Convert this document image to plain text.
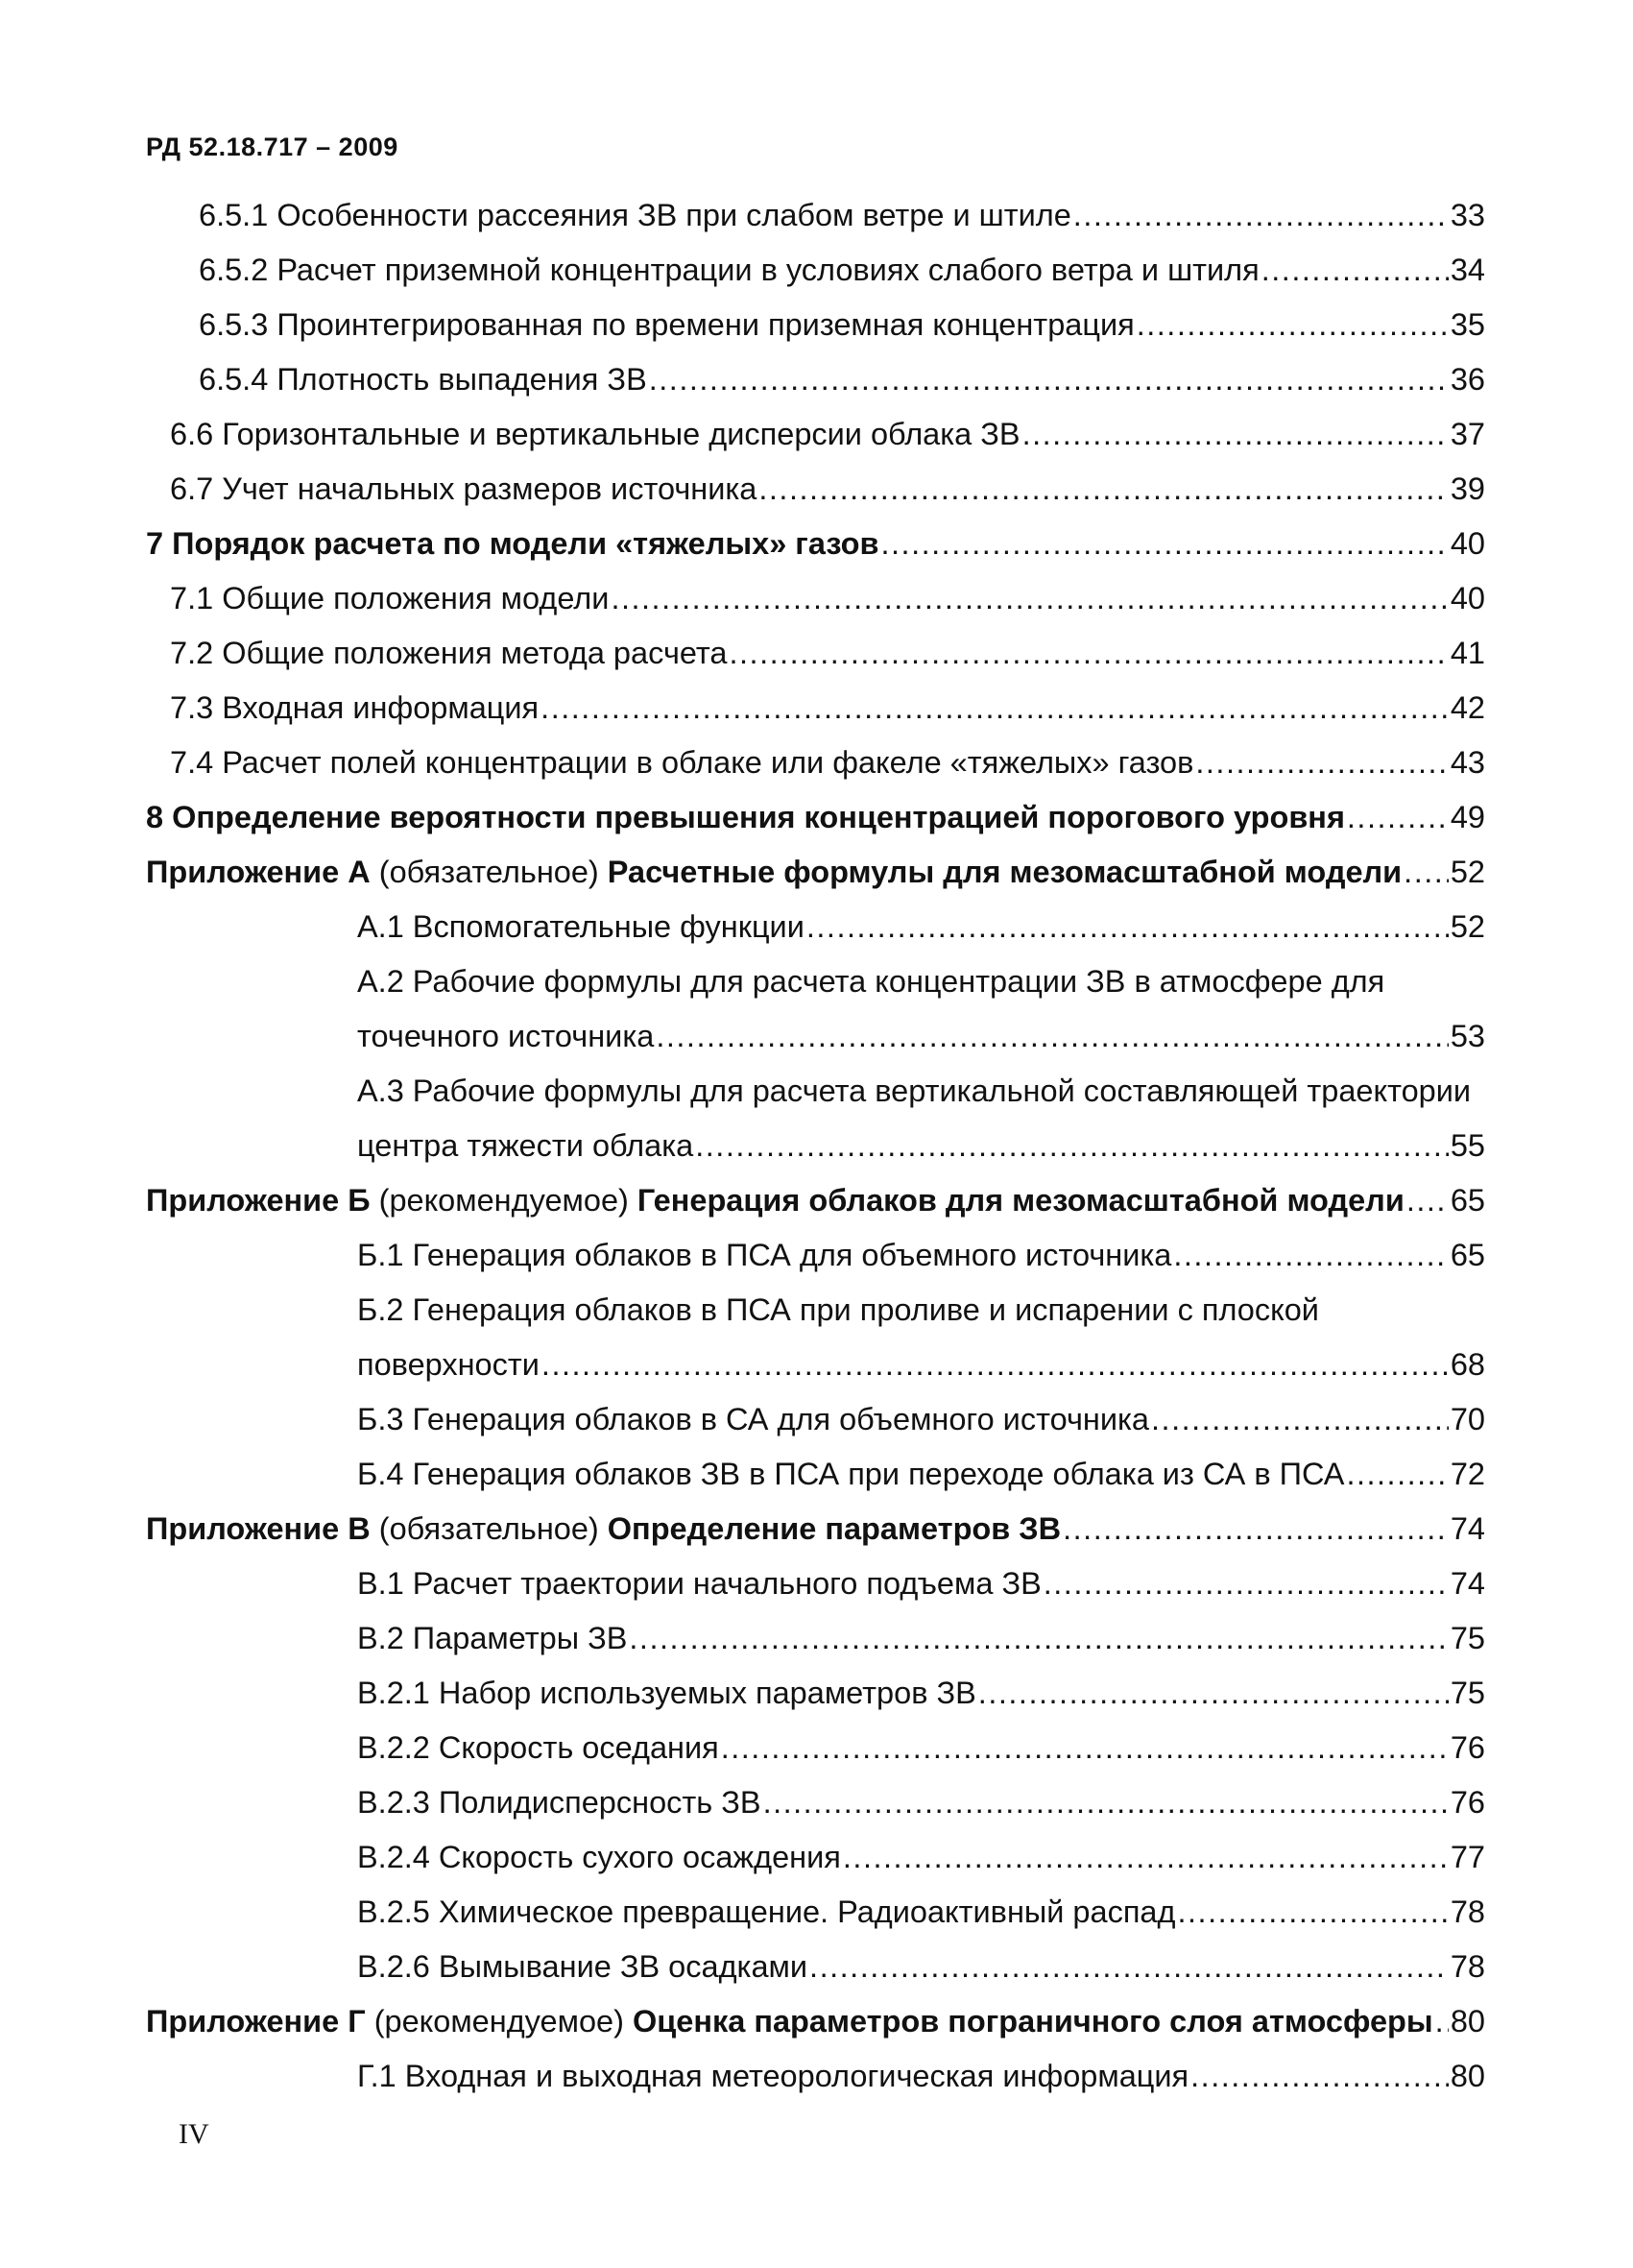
РД 52.18.717 – 2009
6.5.1 Особенности рассеяния ЗВ при слабом ветре и штиле .....	33
6.5.2 Расчет приземной концентрации в условиях слабого ветра и штиля .....	34
6.5.3 Проинтегрированная по времени приземная концентрация .....	35
6.5.4 Плотность выпадения ЗВ .....	36
6.6 Горизонтальные и вертикальные дисперсии облака ЗВ .....	37
6.7 Учет начальных размеров источника .....	39
7 Порядок расчета по модели «тяжелых» газов .....	40
7.1 Общие положения модели .....	40
7.2 Общие положения метода расчета .....	41
7.3 Входная информация .....	42
7.4 Расчет полей концентрации в облаке или факеле «тяжелых» газов .....	43
8 Определение вероятности превышения концентрацией порогового уровня .....	49
Приложение А (обязательное) Расчетные формулы для мезомасштабной модели ..... 52
А.1 Вспомогательные функции .....	52
А.2 Рабочие формулы для расчета концентрации ЗВ в атмосфере для
точечного источника .....	53
А.3 Рабочие формулы для расчета вертикальной составляющей траектории
центра тяжести облака .....	55
Приложение Б (рекомендуемое) Генерация облаков для мезомасштабной модели ..... 65
Б.1 Генерация облаков в ПСА для объемного источника .....	65
Б.2 Генерация облаков в ПСА при проливе и испарении с плоской
поверхности .....	68
Б.3 Генерация облаков в СА для объемного источника .....	70
Б.4 Генерация облаков ЗВ в ПСА при переходе облака из СА в ПСА .....	72
Приложение В (обязательное) Определение параметров ЗВ .....	74
В.1 Расчет траектории начального подъема ЗВ .....	74
В.2 Параметры ЗВ .....	75
В.2.1 Набор используемых параметров ЗВ .....	75
В.2.2 Скорость оседания .....	76
В.2.3 Полидисперсность ЗВ .....	76
В.2.4 Скорость сухого осаждения .....	77
В.2.5 Химическое превращение. Радиоактивный распад .....	78
В.2.6 Вымывание ЗВ осадками .....	78
Приложение Г (рекомендуемое) Оценка параметров пограничного слоя атмосферы ..... 80
Г.1 Входная и выходная метеорологическая информация .....	80
IV
